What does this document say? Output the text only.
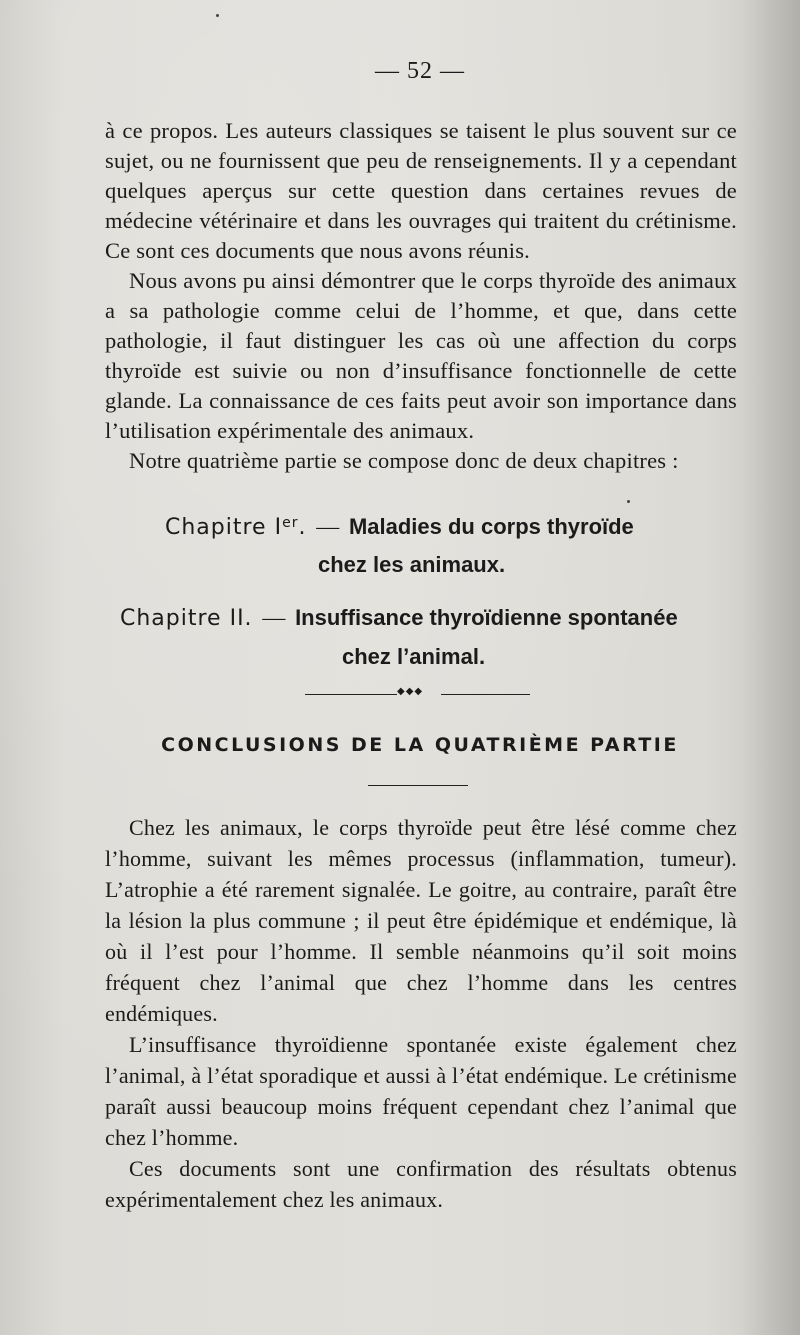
— 52 —

à ce propos. Les auteurs classiques se taisent le plus souvent sur ce sujet, ou ne fournissent que peu de renseignements. Il y a cependant quelques aperçus sur cette question dans certaines revues de médecine vétérinaire et dans les ouvrages qui traitent du crétinisme. Ce sont ces documents que nous avons réunis.

Nous avons pu ainsi démontrer que le corps thyroïde des animaux a sa pathologie comme celui de l’homme, et que, dans cette pathologie, il faut distinguer les cas où une affection du corps thyroïde est suivie ou non d’insuffisance fonctionnelle de cette glande. La connaissance de ces faits peut avoir son importance dans l’utilisation expérimentale des animaux.

Notre quatrième partie se compose donc de deux chapitres :

Chapitre Ier. — Maladies du corps thyroïde
chez les animaux.
Chapitre II. — Insuffisance thyroïdienne spontanée
chez l’animal.
◆◆◆
CONCLUSIONS DE LA QUATRIÈME PARTIE

Chez les animaux, le corps thyroïde peut être lésé comme chez l’homme, suivant les mêmes processus (inflammation, tumeur). L’atrophie a été rarement signalée. Le goitre, au contraire, paraît être la lésion la plus commune ; il peut être épidémique et endémique, là où il l’est pour l’homme. Il semble néanmoins qu’il soit moins fréquent chez l’animal que chez l’homme dans les centres endémiques.

L’insuffisance thyroïdienne spontanée existe également chez l’animal, à l’état sporadique et aussi à l’état endémique. Le crétinisme paraît aussi beaucoup moins fréquent cependant chez l’animal que chez l’homme.

Ces documents sont une confirmation des résultats obtenus expérimentalement chez les animaux.
